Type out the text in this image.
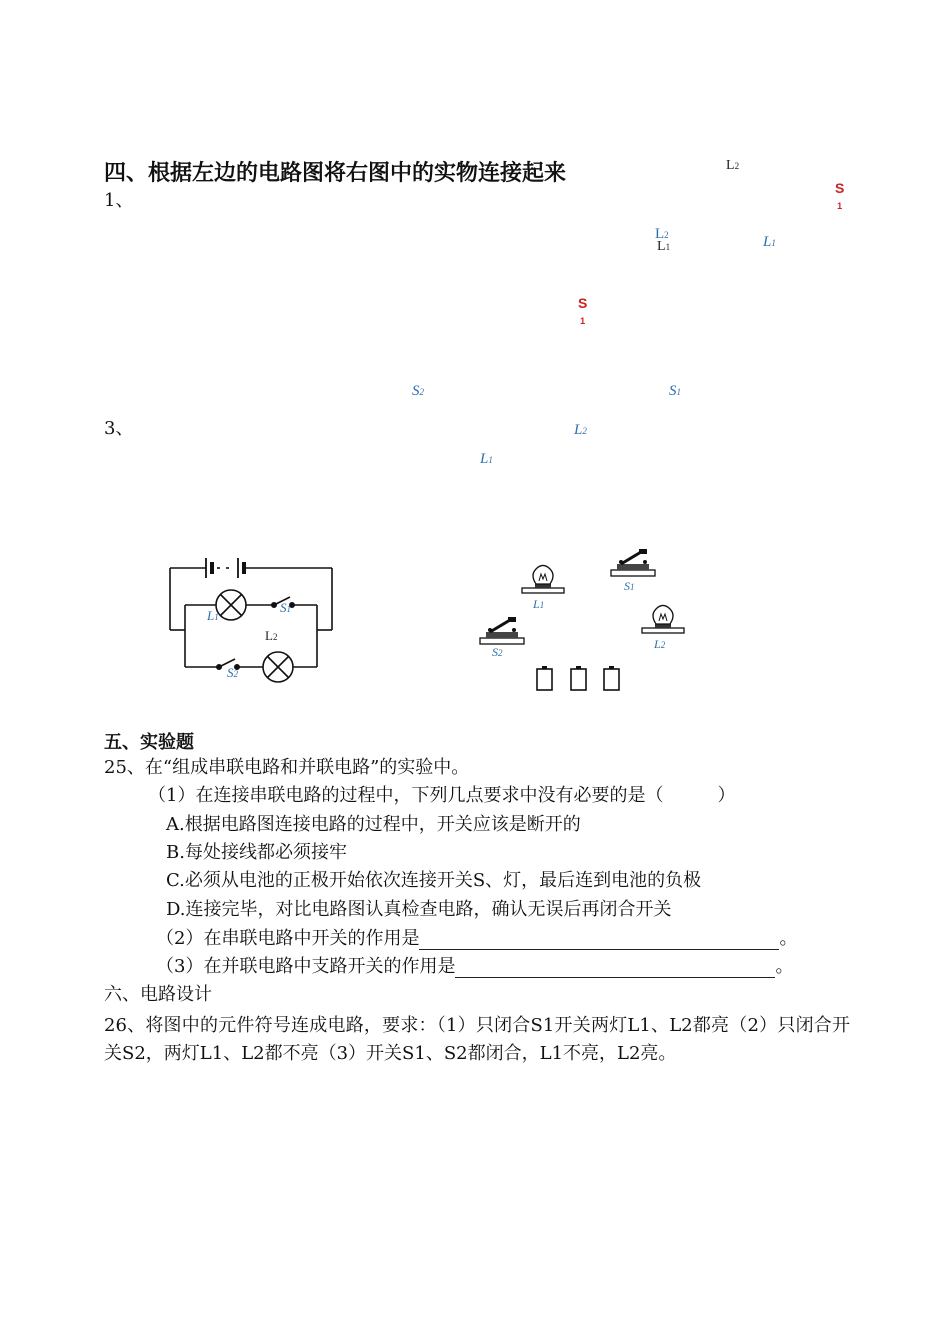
四、根据左边的电路图将右图中的实物连接起来
1、
3、
L2
S
1
L2
L1	L1
S
1
S2	S1
L2
L1
L1
S1
L2
S2
L1
S1
S2
L2
五、实验题
25、在“组成串联电路和并联电路”的实验中。
（1）在连接串联电路的过程中，下列几点要求中没有必要的是（　　　）
A.根据电路图连接电路的过程中，开关应该是断开的
B.每处接线都必须接牢
C.必须从电池的正极开始依次连接开关S、灯，最后连到电池的负极
D.连接完毕，对比电路图认真检查电路，确认无误后再闭合开关
（2）在串联电路中开关的作用是	。
（3）在并联电路中支路开关的作用是	。
六、电路设计
26、将图中的元件符号连成电路，要求：（1）只闭合S1开关两灯L1、L2都亮（2）只闭合开关S2，两灯L1、L2都不亮（3）开关S1、S2都闭合，L1不亮，L2亮。
